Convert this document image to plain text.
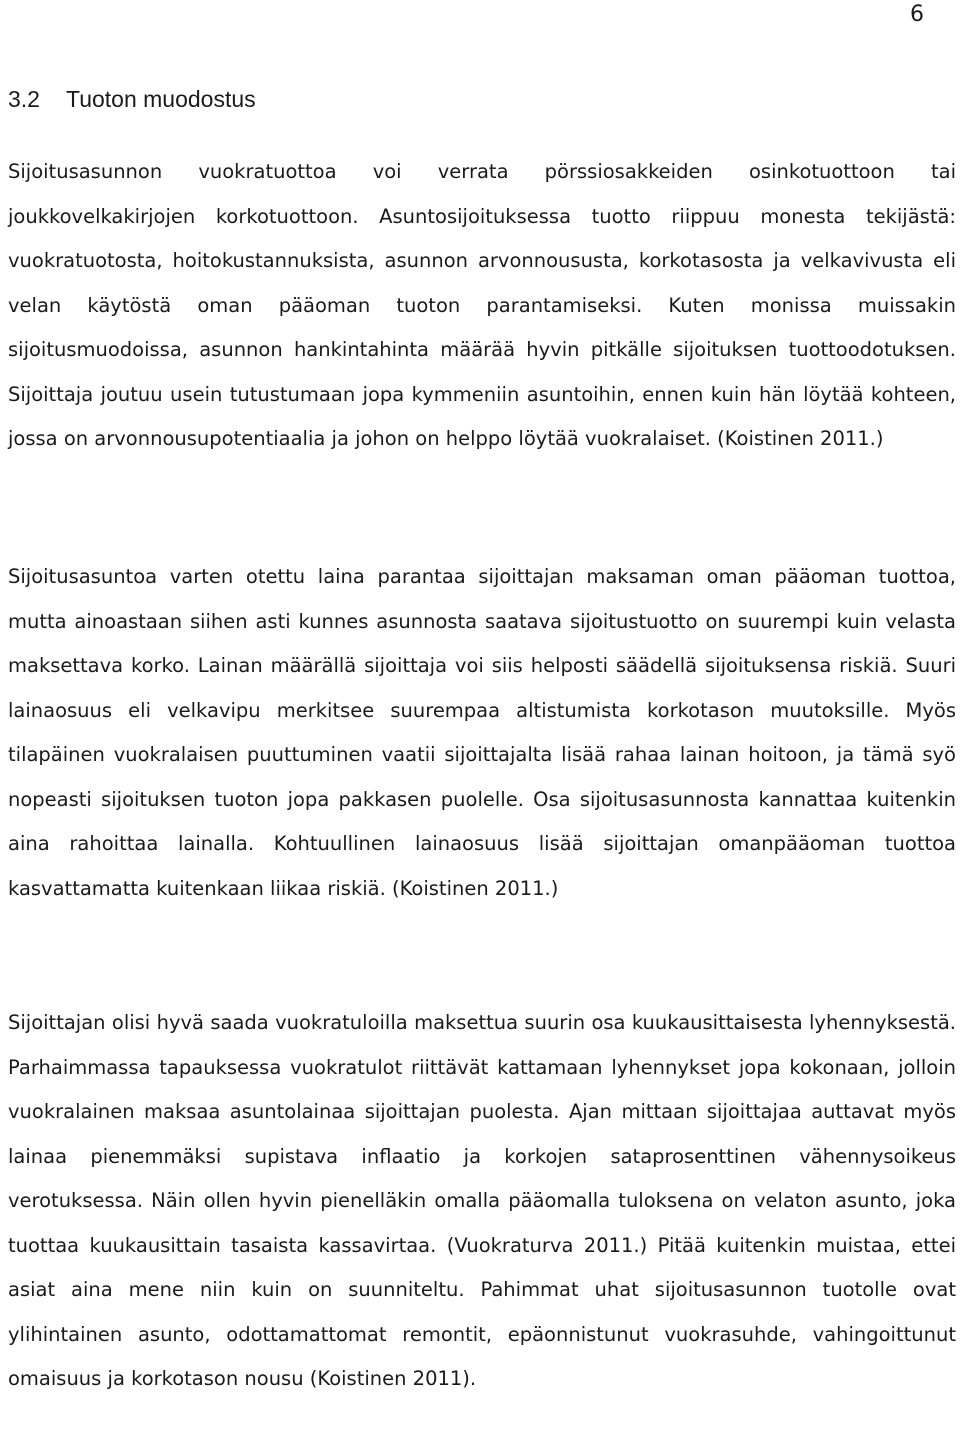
6
3.2 Tuoton muodostus

Sijoitusasunnon vuokratuottoa voi verrata pörssiosakkeiden osinkotuottoon tai joukkovelkakirjojen korkotuottoon. Asuntosijoituksessa tuotto riippuu monesta tekijästä: vuokratuotosta, hoitokustannuksista, asunnon arvonnoususta, korkotasosta ja velkavivusta eli velan käytöstä oman pääoman tuoton parantamiseksi. Kuten monissa muissakin sijoitusmuodoissa, asunnon hankintahinta määrää hyvin pitkälle sijoituksen tuottoodotuksen. Sijoittaja joutuu usein tutustumaan jopa kymmeniin asuntoihin, ennen kuin hän löytää kohteen, jossa on arvonnousupotentiaalia ja johon on helppo löytää vuokralaiset. (Koistinen 2011.)

Sijoitusasuntoa varten otettu laina parantaa sijoittajan maksaman oman pääoman tuottoa, mutta ainoastaan siihen asti kunnes asunnosta saatava sijoitustuotto on suurempi kuin velasta maksettava korko. Lainan määrällä sijoittaja voi siis helposti säädellä sijoituksensa riskiä. Suuri lainaosuus eli velkavipu merkitsee suurempaa altistumista korkotason muutoksille. Myös tilapäinen vuokralaisen puuttuminen vaatii sijoittajalta lisää rahaa lainan hoitoon, ja tämä syö nopeasti sijoituksen tuoton jopa pakkasen puolelle. Osa sijoitusasunnosta kannattaa kuitenkin aina rahoittaa lainalla. Kohtuullinen lainaosuus lisää sijoittajan omanpääoman tuottoa kasvattamatta kuitenkaan liikaa riskiä. (Koistinen 2011.)

Sijoittajan olisi hyvä saada vuokratuloilla maksettua suurin osa kuukausittaisesta lyhennyksestä. Parhaimmassa tapauksessa vuokratulot riittävät kattamaan lyhennykset jopa kokonaan, jolloin vuokralainen maksaa asuntolainaa sijoittajan puolesta. Ajan mittaan sijoittajaa auttavat myös lainaa pienemmäksi supistava inflaatio ja korkojen sataprosenttinen vähennysoikeus verotuksessa. Näin ollen hyvin pienelläkin omalla pääomalla tuloksena on velaton asunto, joka tuottaa kuukausittain tasaista kassavirtaa. (Vuokraturva 2011.) Pitää kuitenkin muistaa, ettei asiat aina mene niin kuin on suunniteltu. Pahimmat uhat sijoitusasunnon tuotolle ovat ylihintainen asunto, odottamattomat remontit, epäonnistunut vuokrasuhde, vahingoittunut omaisuus ja korkotason nousu (Koistinen 2011).
